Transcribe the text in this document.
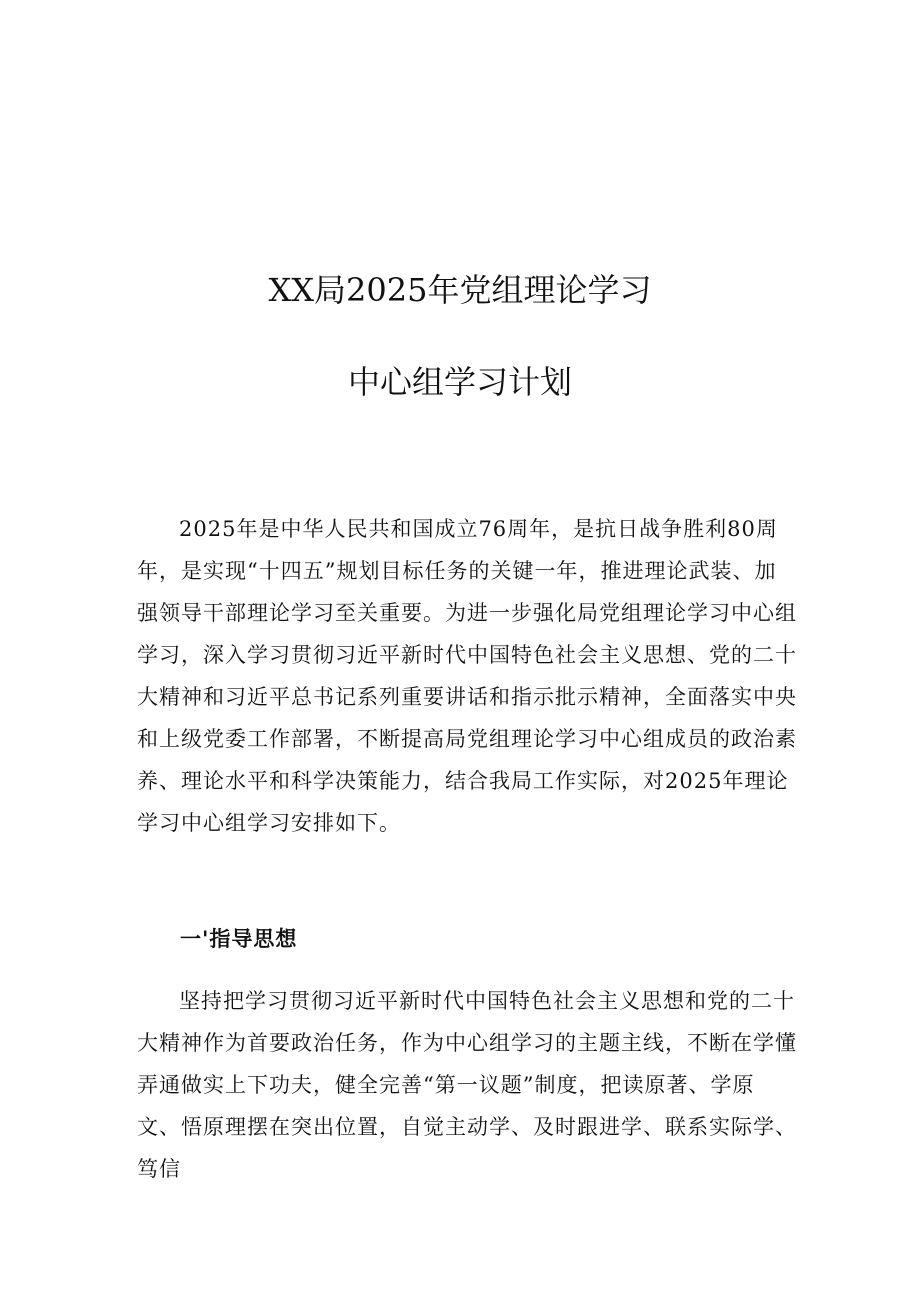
XX局2025年党组理论学习
中心组学习计划

2025年是中华人民共和国成立76周年，是抗日战争胜利80周年，是实现“十四五”规划目标任务的关键一年，推进理论武装、加强领导干部理论学习至关重要。为进一步强化局党组理论学习中心组学习，深入学习贯彻习近平新时代中国特色社会主义思想、党的二十大精神和习近平总书记系列重要讲话和指示批示精神，全面落实中央和上级党委工作部署，不断提高局党组理论学习中心组成员的政治素养、理论水平和科学决策能力，结合我局工作实际，对2025年理论学习中心组学习安排如下。

一'指导思想

坚持把学习贯彻习近平新时代中国特色社会主义思想和党的二十大精神作为首要政治任务，作为中心组学习的主题主线，不断在学懂弄通做实上下功夫，健全完善“第一议题”制度，把读原著、学原文、悟原理摆在突出位置，自觉主动学、及时跟进学、联系实际学、笃信
